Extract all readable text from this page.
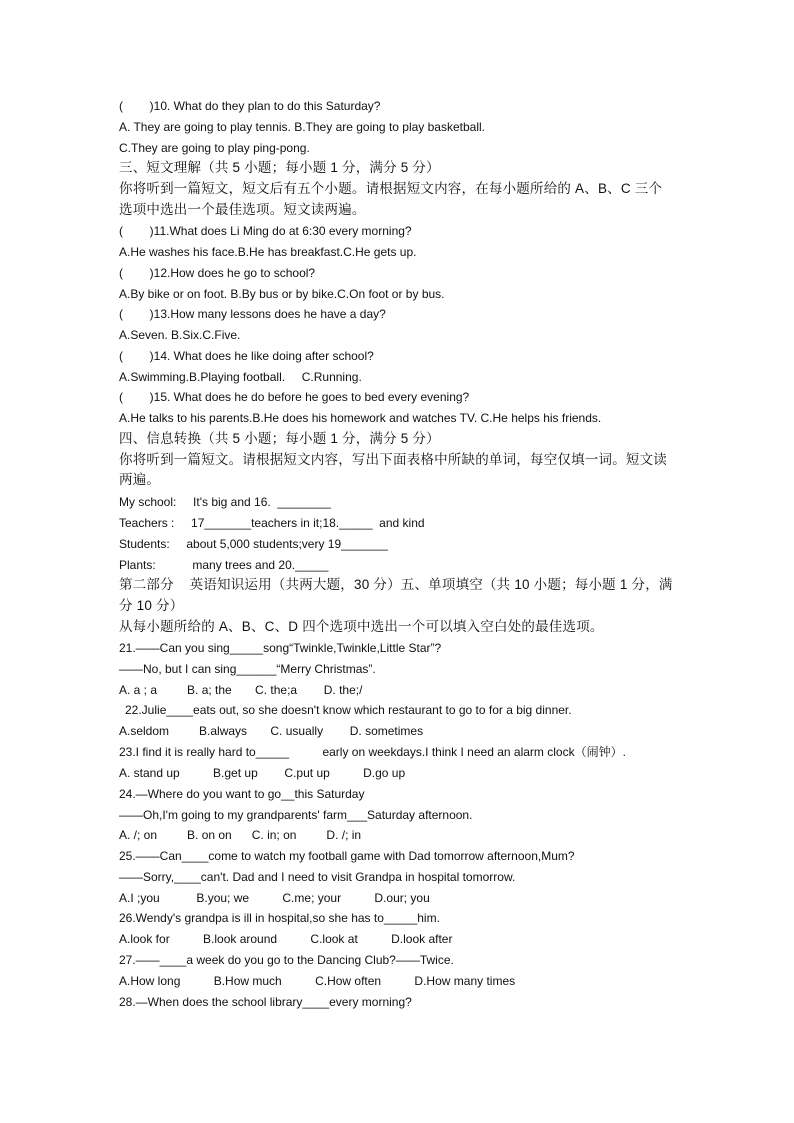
(        )10. What do they plan to do this Saturday?
A. They are going to play tennis. B.They are going to play basketball.
C.They are going to play ping-pong.
三、短文理解（共 5 小题；每小题 1 分，满分 5 分）
你将听到一篇短文，短文后有五个小题。请根据短文内容，在每小题所给的 A、B、C 三个
选项中选出一个最佳选项。短文读两遍。
(        )11.What does Li Ming do at 6:30 every morning?
A.He washes his face.B.He has breakfast.C.He gets up.
(        )12.How does he go to school?
A.By bike or on foot. B.By bus or by bike.C.On foot or by bus.
(        )13.How many lessons does he have a day?
A.Seven. B.Six.C.Five.
(        )14. What does he like doing after school?
A.Swimming.B.Playing football.     C.Running.
(        )15. What does he do before he goes to bed every evening?
A.He talks to his parents.B.He does his homework and watches TV. C.He helps his friends.
四、信息转换（共 5 小题；每小题 1 分，满分 5 分）
你将听到一篇短文。请根据短文内容，写出下面表格中所缺的单词，每空仅填一词。短文读
两遍。
My school:     It's big and 16.  ________
Teachers :     17_______teachers in it;18._____  and kind
Students:     about 5,000 students;very 19_______
Plants:           many trees and 20._____
第二部分    英语知识运用（共两大题，30 分）五、单项填空（共 10 小题；每小题 1 分，满
分 10 分）
从每小题所给的 A、B、C、D 四个选项中选出一个可以填入空白处的最佳选项。
21.——Can you sing_____song“Twinkle,Twinkle,Little Star”?
——No, but I can sing______“Merry Christmas”.
A. a ; a         B. a; the       C. the;a        D. the;/
22.Julie____eats out, so she doesn't know which restaurant to go to for a big dinner.
A.seldom         B.always       C. usually        D. sometimes
23.I find it is really hard to_____          early on weekdays.I think I need an alarm clock（闹钟）.
A. stand up          B.get up        C.put up          D.go up
24.—Where do you want to go__this Saturday
——Oh,I'm going to my grandparents' farm___Saturday afternoon.
A. /; on         B. on on      C. in; on         D. /; in
25.——Can____come to watch my football game with Dad tomorrow afternoon,Mum?
——Sorry,____can't. Dad and I need to visit Grandpa in hospital tomorrow.
A.I ;you           B.you; we          C.me; your          D.our; you
26.Wendy's grandpa is ill in hospital,so she has to_____him.
A.look for          B.look around          C.look at          D.look after
27.——____a week do you go to the Dancing Club?——Twice.
A.How long          B.How much          C.How often          D.How many times
28.—When does the school library____every morning?
